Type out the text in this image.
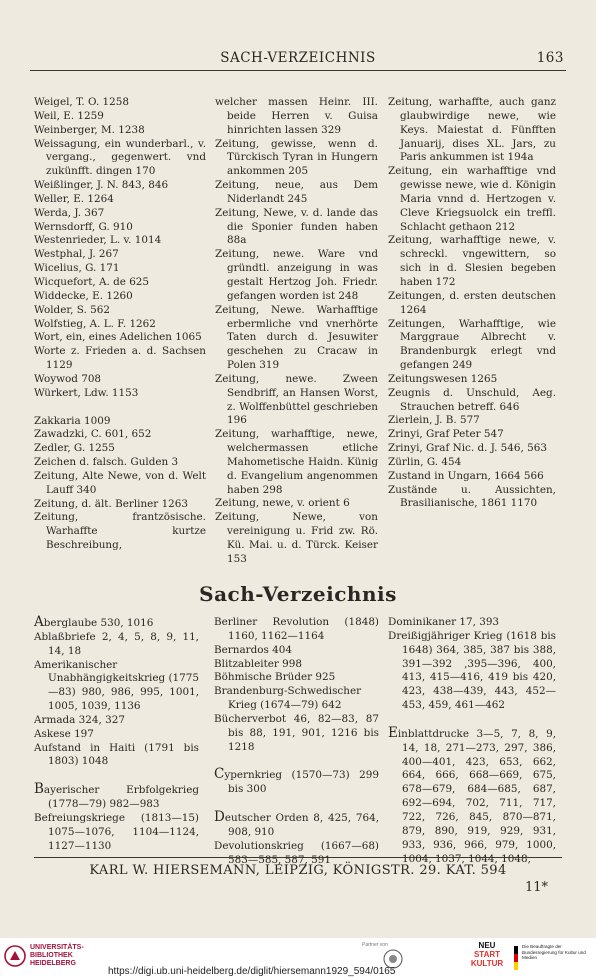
SACH-VERZEICHNIS	163
Weigel, T. O. 1258
Weil, E. 1259
Weinberger, M. 1238
Weissagung, ein wunderbarl., v. vergang., gegenwert. vnd zukünfft. dingen 170
Weißlinger, J. N. 843, 846
Weller, E. 1264
Werda, J. 367
Wernsdorff, G. 910
Westenrieder, L. v. 1014
Westphal, J. 267
Wicelius, G. 171
Wicquefort, A. de 625
Widdecke, E. 1260
Wolder, S. 562
Wolfstieg, A. L. F. 1262
Wort, ein, eines Adelichen 1065
Worte z. Frieden a. d. Sachsen 1129
Woywod 708
Würkert, Ldw. 1153
Zakkaria 1009
Zawadzki, C. 601, 652
Zedler, G. 1255
Zeichen d. falsch. Gulden 3
Zeitung, Alte Newe, von d. Welt Lauff 340
Zeitung, d. ält. Berliner 1263
Zeitung, frantzösische. Warhaffte kurtze Beschreibung,
welcher massen Heinr. III. beide Herren v. Guisa hinrichten lassen 329
Zeitung, gewisse, wenn d. Türckisch Tyran in Hungern ankommen 205
Zeitung, neue, aus Dem Niderlandt 245
Zeitung, Newe, v. d. lande das die Sponier funden haben 88a
Zeitung, newe. Ware vnd gründtl. anzeigung in was gestalt Hertzog Joh. Friedr. gefangen worden ist 248
Zeitung, Newe. Warhafftige erbermliche vnd vnerhörte Taten durch d. Jesuwiter geschehen zu Cracaw in Polen 319
Zeitung, newe. Zween Sendbriff, an Hansen Worst, z. Wolffenbüttel geschrieben 196
Zeitung, warhafftige, newe, welchermassen etliche Mahometische Haidn. Künig d. Evangelium angenommen haben 298
Zeitung, newe, v. orient 6
Zeitung, Newe, von vereinigung u. Frid zw. Rö. Kü. Mai. u. d. Türck. Keiser 153
Zeitung, warhaffte, auch ganz glaubwirdige newe, wie Keys. Maiestat d. Fünfften Januarij, dises XL. Jars, zu Paris ankummen ist 194a
Zeitung, ein warhafftige vnd gewisse newe, wie d. Königin Maria vnnd d. Hertzogen v. Cleve Kriegsuolck ein treffl. Schlacht gethaon 212
Zeitung, warhafftige newe, v. schreckl. vngewittern, so sich in d. Slesien begeben haben 172
Zeitungen, d. ersten deutschen 1264
Zeitungen, Warhafftige, wie Marggraue Albrecht v. Brandenburgk erlegt vnd gefangen 249
Zeitungswesen 1265
Zeugnis d. Unschuld, Aeg. Strauchen betreff. 646
Zierlein, J. B. 577
Zrinyi, Graf Peter 547
Zrinyi, Graf Nic. d. J. 546, 563
Zürlin, G. 454
Zustand in Ungarn, 1664 566
Zustände u. Aussichten, Brasilianische, 1861 1170
Sach-Verzeichnis
Aberglaube 530, 1016
Ablaßbriefe 2, 4, 5, 8, 9, 11, 14, 18
Amerikanischer Unabhängigkeitskrieg (1775—83) 980, 986, 995, 1001, 1005, 1039, 1136
Armada 324, 327
Askese 197
Aufstand in Haiti (1791 bis 1803) 1048
Bayerischer Erbfolgekrieg (1778—79) 982—983
Befreiungskriege (1813—15) 1075—1076, 1104—1124, 1127—1130
Berliner Revolution (1848) 1160, 1162—1164
Bernardos 404
Blitzableiter 998
Böhmische Brüder 925
Brandenburg-Schwedischer Krieg (1674—79) 642
Bücherverbot 46, 82—83, 87 bis 88, 191, 901, 1216 bis 1218
Cypernkrieg (1570—73) 299 bis 300
Deutscher Orden 8, 425, 764, 908, 910
Devolutionskrieg (1667—68) 583—585, 587, 591
Dominikaner 17, 393
Dreißigjähriger Krieg (1618 bis 1648) 364, 385, 387 bis 388, 391—392 ,395—396, 400, 413, 415—416, 419 bis 420, 423, 438—439, 443, 452—453, 459, 461—462
Einblattdrucke 3—5, 7, 8, 9, 14, 18, 271—273, 297, 386, 400—401, 423, 653, 662, 664, 666, 668—669, 675, 678—679, 684—685, 687, 692—694, 702, 711, 717, 722, 726, 845, 870—871, 879, 890, 919, 929, 931, 933, 936, 966, 979, 1000, 1004, 1037, 1044, 1048,
KARL W. HIERSEMANN, LEIPZIG, KÖNIGSTR. 29. KAT. 594
11*
UNIVERSITÄTS-
BIBLIOTHEK
HEIDELBERG
https://digi.ub.uni-heidelberg.de/diglit/hiersemann1929_594/0165
Partner von	NEU
START
KULTUR
Die Beauftragte der Bundesregierung für Kultur und Medien
